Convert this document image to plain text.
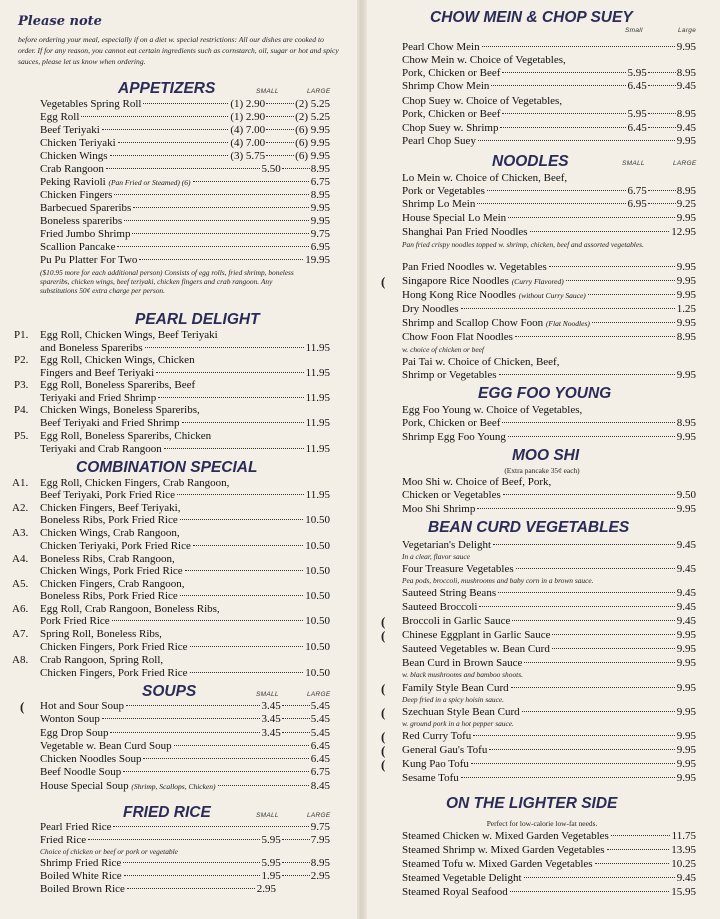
Please note
before ordering your meal, especially if on a diet w. special restrictions: All our dishes are cooked to order. If for any reason, you cannot eat certain ingredients such as cornstarch, oil, sugar or hot and spicy sauces, please let us know when ordering.
APPETIZERS	SMALL	LARGE
Vegetables Spring Roll	(1) 2.90	(2) 5.25
Egg Roll	(1) 2.90	(2) 5.25
Beef Teriyaki	(4) 7.00	(6) 9.95
Chicken Teriyaki	(4) 7.00	(6) 9.95
Chicken Wings	(3) 5.75	(6) 9.95
Crab Rangoon	5.50	8.95
Peking Ravioli (Pan Fried or Steamed) (6)	6.75
Chicken Fingers	8.95
Barbecued Spareribs	9.95
Boneless spareribs	9.95
Fried Jumbo Shrimp	9.75
Scallion Pancake	6.95
Pu Pu Platter For Two	19.95
($10.95 more for each additional person) Consists of egg rolls, fried shrimp, boneless spareribs, chicken wings, beef teriyaki, chicken fingers and crab rangoon. Any substitutions 50¢ extra charge per person.
PEARL DELIGHT
P1. Egg Roll, Chicken Wings, Beef Teriyaki
and Boneless Spareribs	11.95
P2. Egg Roll, Chicken Wings, Chicken
Fingers and Beef Teriyaki	11.95
P3. Egg Roll, Boneless Spareribs, Beef
Teriyaki and Fried Shrimp	11.95
P4. Chicken Wings, Boneless Spareribs,
Beef Teriyaki and Fried Shrimp	11.95
P5. Egg Roll, Boneless Spareribs, Chicken
Teriyaki and Crab Rangoon	11.95
COMBINATION SPECIAL
A1. Egg Roll, Chicken Fingers, Crab Rangoon,
Beef Teriyaki, Pork Fried Rice	11.95
A2. Chicken Fingers, Beef Teriyaki,
Boneless Ribs, Pork Fried Rice	10.50
A3. Chicken Wings, Crab Rangoon,
Chicken Teriyaki, Pork Fried Rice	10.50
A4. Boneless Ribs, Crab Rangoon,
Chicken Wings, Pork Fried Rice	10.50
A5. Chicken Fingers, Crab Rangoon,
Boneless Ribs, Pork Fried Rice	10.50
A6. Egg Roll, Crab Rangoon, Boneless Ribs,
Pork Fried Rice	10.50
A7. Spring Roll, Boneless Ribs,
Chicken Fingers, Pork Fried Rice	10.50
A8. Crab Rangoon, Spring Roll,
Chicken Fingers, Pork Fried Rice	10.50
SOUPS	SMALL	LARGE
( Hot and Sour Soup	3.45	5.45
Wonton Soup	3.45	5.45
Egg Drop Soup	3.45	5.45
Vegetable w. Bean Curd Soup	6.45
Chicken Noodles Soup	6.45
Beef Noodle Soup	6.75
House Special Soup (Shrimp, Scallops, Chicken)	8.45
FRIED RICE	SMALL	LARGE
Pearl Fried Rice	9.75
Fried Rice	5.95	7.95
Choice of chicken or beef or pork or vegetable
Shrimp Fried Rice	5.95	8.95
Boiled White Rice	1.95	2.95
Boiled Brown Rice	2.95
CHOW MEIN & CHOP SUEY
Small	Large
Pearl Chow Mein	9.95
Chow Mein w. Choice of Vegetables,
Pork, Chicken or Beef	5.95	8.95
Shrimp Chow Mein	6.45	9.45
Chop Suey w. Choice of Vegetables,
Pork, Chicken or Beef	5.95	8.95
Chop Suey w. Shrimp	6.45	9.45
Pearl Chop Suey	9.95
NOODLES	SMALL	LARGE
Lo Mein w. Choice of Chicken, Beef,
Pork or Vegetables	6.75	8.95
Shrimp Lo Mein	6.95	9.25
House Special Lo Mein	9.95
Shanghai Pan Fried Noodles	12.95
Pan fried crispy noodles topped w. shrimp, chicken, beef and assorted vegetables.
Pan Fried Noodles w. Vegetables	9.95
( Singapore Rice Noodles (Curry Flavored)	9.95
Hong Kong Rice Noodles (without Curry Sauce)	9.95
Dry Noodles	1.25
Shrimp and Scallop Chow Foon (Flat Noodles)	9.95
Chow Foon Flat Noodles	8.95
w. choice of chicken or beef
Pai Tai w. Choice of Chicken, Beef,
Shrimp or Vegetables	9.95
EGG FOO YOUNG
Egg Foo Young w. Choice of Vegetables,
Pork, Chicken or Beef	8.95
Shrimp Egg Foo Young	9.95
MOO SHI
(Extra pancake 35¢ each)
Moo Shi w. Choice of Beef, Pork,
Chicken or Vegetables	9.50
Moo Shi Shrimp	9.95
BEAN CURD VEGETABLES
Vegetarian's Delight	9.45
In a clear, flavor sauce
Four Treasure Vegetables	9.45
Pea pods, broccoli, mushrooms and baby corn in a brown sauce.
Sauteed String Beans	9.45
Sauteed Broccoli	9.45
( Broccoli in Garlic Sauce	9.45
( Chinese Eggplant in Garlic Sauce	9.95
Sauteed Vegetables w. Bean Curd	9.95
Bean Curd in Brown Sauce	9.95
w. black mushrooms and bamboo shoots.
( Family Style Bean Curd	9.95
Deep fried in a spicy hoisin sauce.
( Szechuan Style Bean Curd	9.95
w. ground pork in a hot pepper sauce.
( Red Curry Tofu	9.95
( General Gau's Tofu	9.95
( Kung Pao Tofu	9.95
Sesame Tofu	9.95
ON THE LIGHTER SIDE
Perfect for low-calorie low-fat needs.
Steamed Chicken w. Mixed Garden Vegetables	11.75
Steamed Shrimp w. Mixed Garden Vegetables	13.95
Steamed Tofu w. Mixed Garden Vegetables	10.25
Steamed Vegetable Delight	9.45
Steamed Royal Seafood	15.95
